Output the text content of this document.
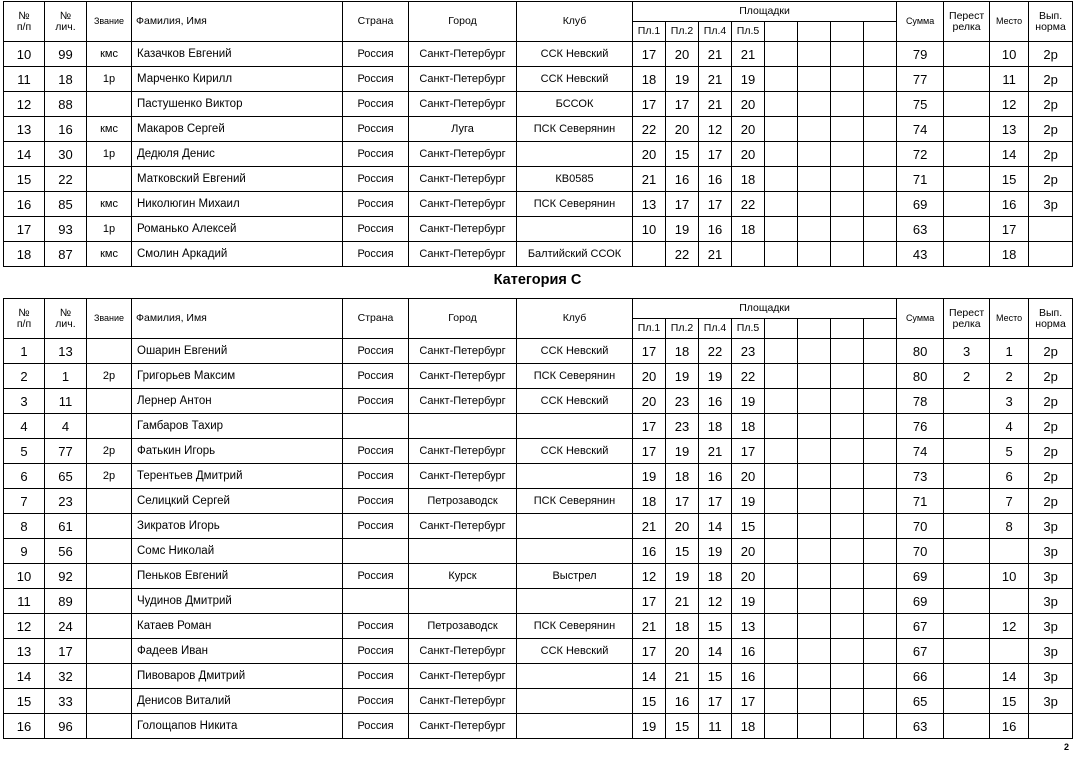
№
п/п	№
лич.	Звание	Фамилия, Имя	Страна	Город	Клуб	Площадки								Сумма	Перест релка	Место	Вып. норма
							Пл.1	Пл.2	Пл.4	Пл.5								
10	99	кмс	Казачков Евгений	Россия	Санкт-Петербург	ССК Невский	17	20	21	21					79		10	2р
11	18	1р	Марченко Кирилл	Россия	Санкт-Петербург	ССК Невский	18	19	21	19					77		11	2р
12	88		Пастушенко Виктор	Россия	Санкт-Петербург	БССОК	17	17	21	20					75		12	2р
13	16	кмс	Макаров Сергей	Россия	Луга	ПСК Северянин	22	20	12	20					74		13	2р
14	30	1р	Дедюля Денис	Россия	Санкт-Петербург		20	15	17	20					72		14	2р
15	22		Матковский Евгений	Россия	Санкт-Петербург	КВ0585	21	16	16	18					71		15	2р
16	85	кмс	Николюгин Михаил	Россия	Санкт-Петербург	ПСК Северянин	13	17	17	22					69		16	3р
17	93	1р	Романько Алексей	Россия	Санкт-Петербург		10	19	16	18					63		17	
18	87	кмс	Смолин Аркадий	Россия	Санкт-Петербург	Балтийский ССОК		22	21						43		18	
Категория С
№
п/п	№
лич.	Звание	Фамилия, Имя	Страна	Город	Клуб	Площадки								Сумма	Перест релка	Место	Вып. норма
							Пл.1	Пл.2	Пл.4	Пл.5								
1	13		Ошарин Евгений	Россия	Санкт-Петербург	ССК Невский	17	18	22	23					80	3	1	2р
2	1	2р	Григорьев Максим	Россия	Санкт-Петербург	ПСК Северянин	20	19	19	22					80	2	2	2р
3	11		Лернер Антон	Россия	Санкт-Петербург	ССК Невский	20	23	16	19					78		3	2р
4	4		Гамбаров Тахир				17	23	18	18					76		4	2р
5	77	2р	Фатькин Игорь	Россия	Санкт-Петербург	ССК Невский	17	19	21	17					74		5	2р
6	65	2р	Терентьев Дмитрий	Россия	Санкт-Петербург		19	18	16	20					73		6	2р
7	23		Селицкий Сергей	Россия	Петрозаводск	ПСК Северянин	18	17	17	19					71		7	2р
8	61		Зикратов Игорь	Россия	Санкт-Петербург		21	20	14	15					70		8	3р
9	56		Сомс Николай				16	15	19	20					70			3р
10	92		Пеньков Евгений	Россия	Курск	Выстрел	12	19	18	20					69		10	3р
11	89		Чудинов Дмитрий				17	21	12	19					69			3р
12	24		Катаев Роман	Россия	Петрозаводск	ПСК Северянин	21	18	15	13					67		12	3р
13	17		Фадеев Иван	Россия	Санкт-Петербург	ССК Невский	17	20	14	16					67			3р
14	32		Пивоваров Дмитрий	Россия	Санкт-Петербург		14	21	15	16					66		14	3р
15	33		Денисов Виталий	Россия	Санкт-Петербург		15	16	17	17					65		15	3р
16	96		Голощапов Никита	Россия	Санкт-Петербург		19	15	11	18					63		16	
2
